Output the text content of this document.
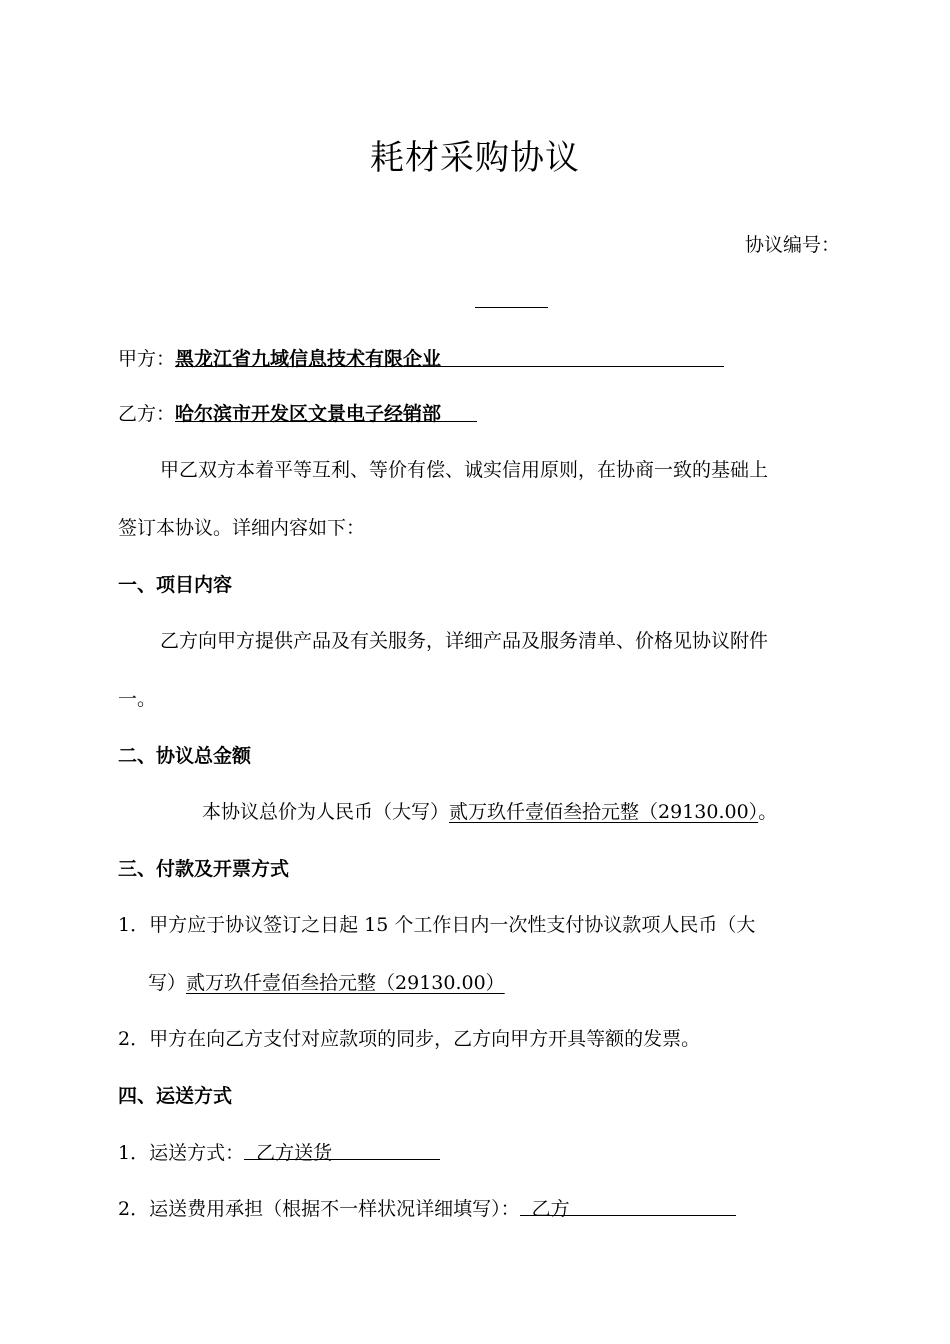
耗材采购协议
协议编号：
甲方：黑龙江省九域信息技术有限企业
乙方：哈尔滨市开发区文景电子经销部
甲乙双方本着平等互利、等价有偿、诚实信用原则，在协商一致的基础上
签订本协议。详细内容如下：
一、项目内容
乙方向甲方提供产品及有关服务，详细产品及服务清单、价格见协议附件
一。
二、协议总金额
本协议总价为人民币（大写）贰万玖仟壹佰叁拾元整（29130.00）。
三、付款及开票方式
1．甲方应于协议签订之日起 15 个工作日内一次性支付协议款项人民币（大
写）贰万玖仟壹佰叁拾元整（29130.00）
2．甲方在向乙方支付对应款项的同步，乙方向甲方开具等额的发票。
四、运送方式
1．运送方式： 乙方送货
2．运送费用承担（根据不一样状况详细填写）： 乙方
